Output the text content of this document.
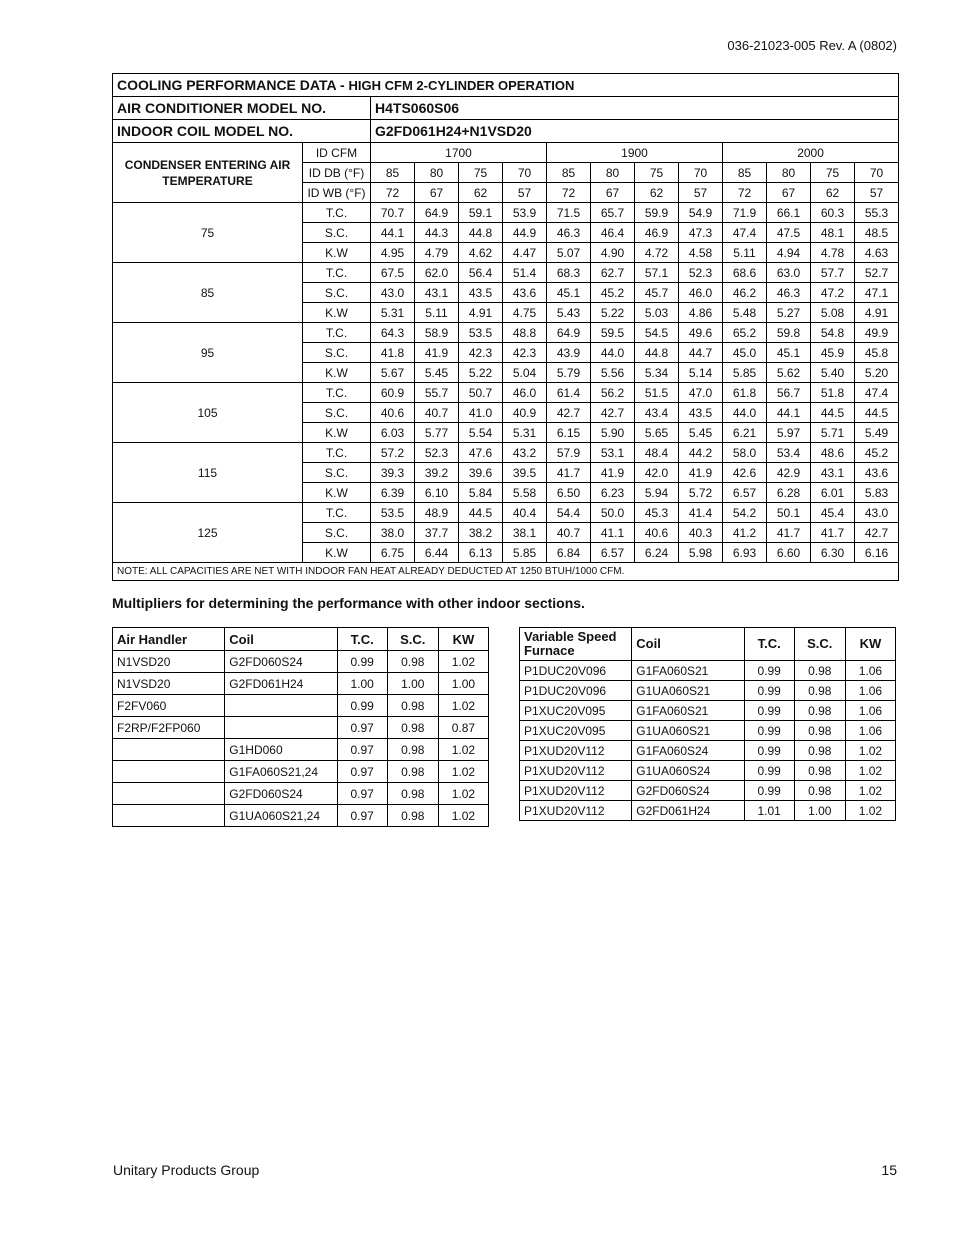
036-21023-005 Rev. A (0802)
COOLING PERFORMANCE DATA - HIGH CFM 2-CYLINDER OPERATION													
AIR CONDITIONER MODEL NO.		H4TS060S06											
INDOOR COIL MODEL NO.		G2FD061H24+N1VSD20											
CONDENSER ENTERING AIR TEMPERATURE	ID CFM	1700				1900				2000			
	ID DB (°F)	85	80	75	70	85	80	75	70	85	80	75	70
	ID WB (°F)	72	67	62	57	72	67	62	57	72	67	62	57
75	T.C.	70.7	64.9	59.1	53.9	71.5	65.7	59.9	54.9	71.9	66.1	60.3	55.3
	S.C.	44.1	44.3	44.8	44.9	46.3	46.4	46.9	47.3	47.4	47.5	48.1	48.5
	K.W	4.95	4.79	4.62	4.47	5.07	4.90	4.72	4.58	5.11	4.94	4.78	4.63
85	T.C.	67.5	62.0	56.4	51.4	68.3	62.7	57.1	52.3	68.6	63.0	57.7	52.7
	S.C.	43.0	43.1	43.5	43.6	45.1	45.2	45.7	46.0	46.2	46.3	47.2	47.1
	K.W	5.31	5.11	4.91	4.75	5.43	5.22	5.03	4.86	5.48	5.27	5.08	4.91
95	T.C.	64.3	58.9	53.5	48.8	64.9	59.5	54.5	49.6	65.2	59.8	54.8	49.9
	S.C.	41.8	41.9	42.3	42.3	43.9	44.0	44.8	44.7	45.0	45.1	45.9	45.8
	K.W	5.67	5.45	5.22	5.04	5.79	5.56	5.34	5.14	5.85	5.62	5.40	5.20
105	T.C.	60.9	55.7	50.7	46.0	61.4	56.2	51.5	47.0	61.8	56.7	51.8	47.4
	S.C.	40.6	40.7	41.0	40.9	42.7	42.7	43.4	43.5	44.0	44.1	44.5	44.5
	K.W	6.03	5.77	5.54	5.31	6.15	5.90	5.65	5.45	6.21	5.97	5.71	5.49
115	T.C.	57.2	52.3	47.6	43.2	57.9	53.1	48.4	44.2	58.0	53.4	48.6	45.2
	S.C.	39.3	39.2	39.6	39.5	41.7	41.9	42.0	41.9	42.6	42.9	43.1	43.6
	K.W	6.39	6.10	5.84	5.58	6.50	6.23	5.94	5.72	6.57	6.28	6.01	5.83
125	T.C.	53.5	48.9	44.5	40.4	54.4	50.0	45.3	41.4	54.2	50.1	45.4	43.0
	S.C.	38.0	37.7	38.2	38.1	40.7	41.1	40.6	40.3	41.2	41.7	41.7	42.7
	K.W	6.75	6.44	6.13	5.85	6.84	6.57	6.24	5.98	6.93	6.60	6.30	6.16
NOTE: ALL CAPACITIES ARE NET WITH INDOOR FAN HEAT ALREADY DEDUCTED AT 1250 BTUH/1000 CFM.													
Multipliers for determining the performance with other indoor sections.
Air Handler	Coil	T.C.	S.C.	KW
N1VSD20	G2FD060S24	0.99	0.98	1.02
N1VSD20	G2FD061H24	1.00	1.00	1.00
F2FV060		0.99	0.98	1.02
F2RP/F2FP060		0.97	0.98	0.87
	G1HD060	0.97	0.98	1.02
	G1FA060S21,24	0.97	0.98	1.02
	G2FD060S24	0.97	0.98	1.02
	G1UA060S21,24	0.97	0.98	1.02
Variable Speed Furnace	Coil	T.C.	S.C.	KW
P1DUC20V096	G1FA060S21	0.99	0.98	1.06
P1DUC20V096	G1UA060S21	0.99	0.98	1.06
P1XUC20V095	G1FA060S21	0.99	0.98	1.06
P1XUC20V095	G1UA060S21	0.99	0.98	1.06
P1XUD20V112	G1FA060S24	0.99	0.98	1.02
P1XUD20V112	G1UA060S24	0.99	0.98	1.02
P1XUD20V112	G2FD060S24	0.99	0.98	1.02
P1XUD20V112	G2FD061H24	1.01	1.00	1.02
Unitary Products Group	15
